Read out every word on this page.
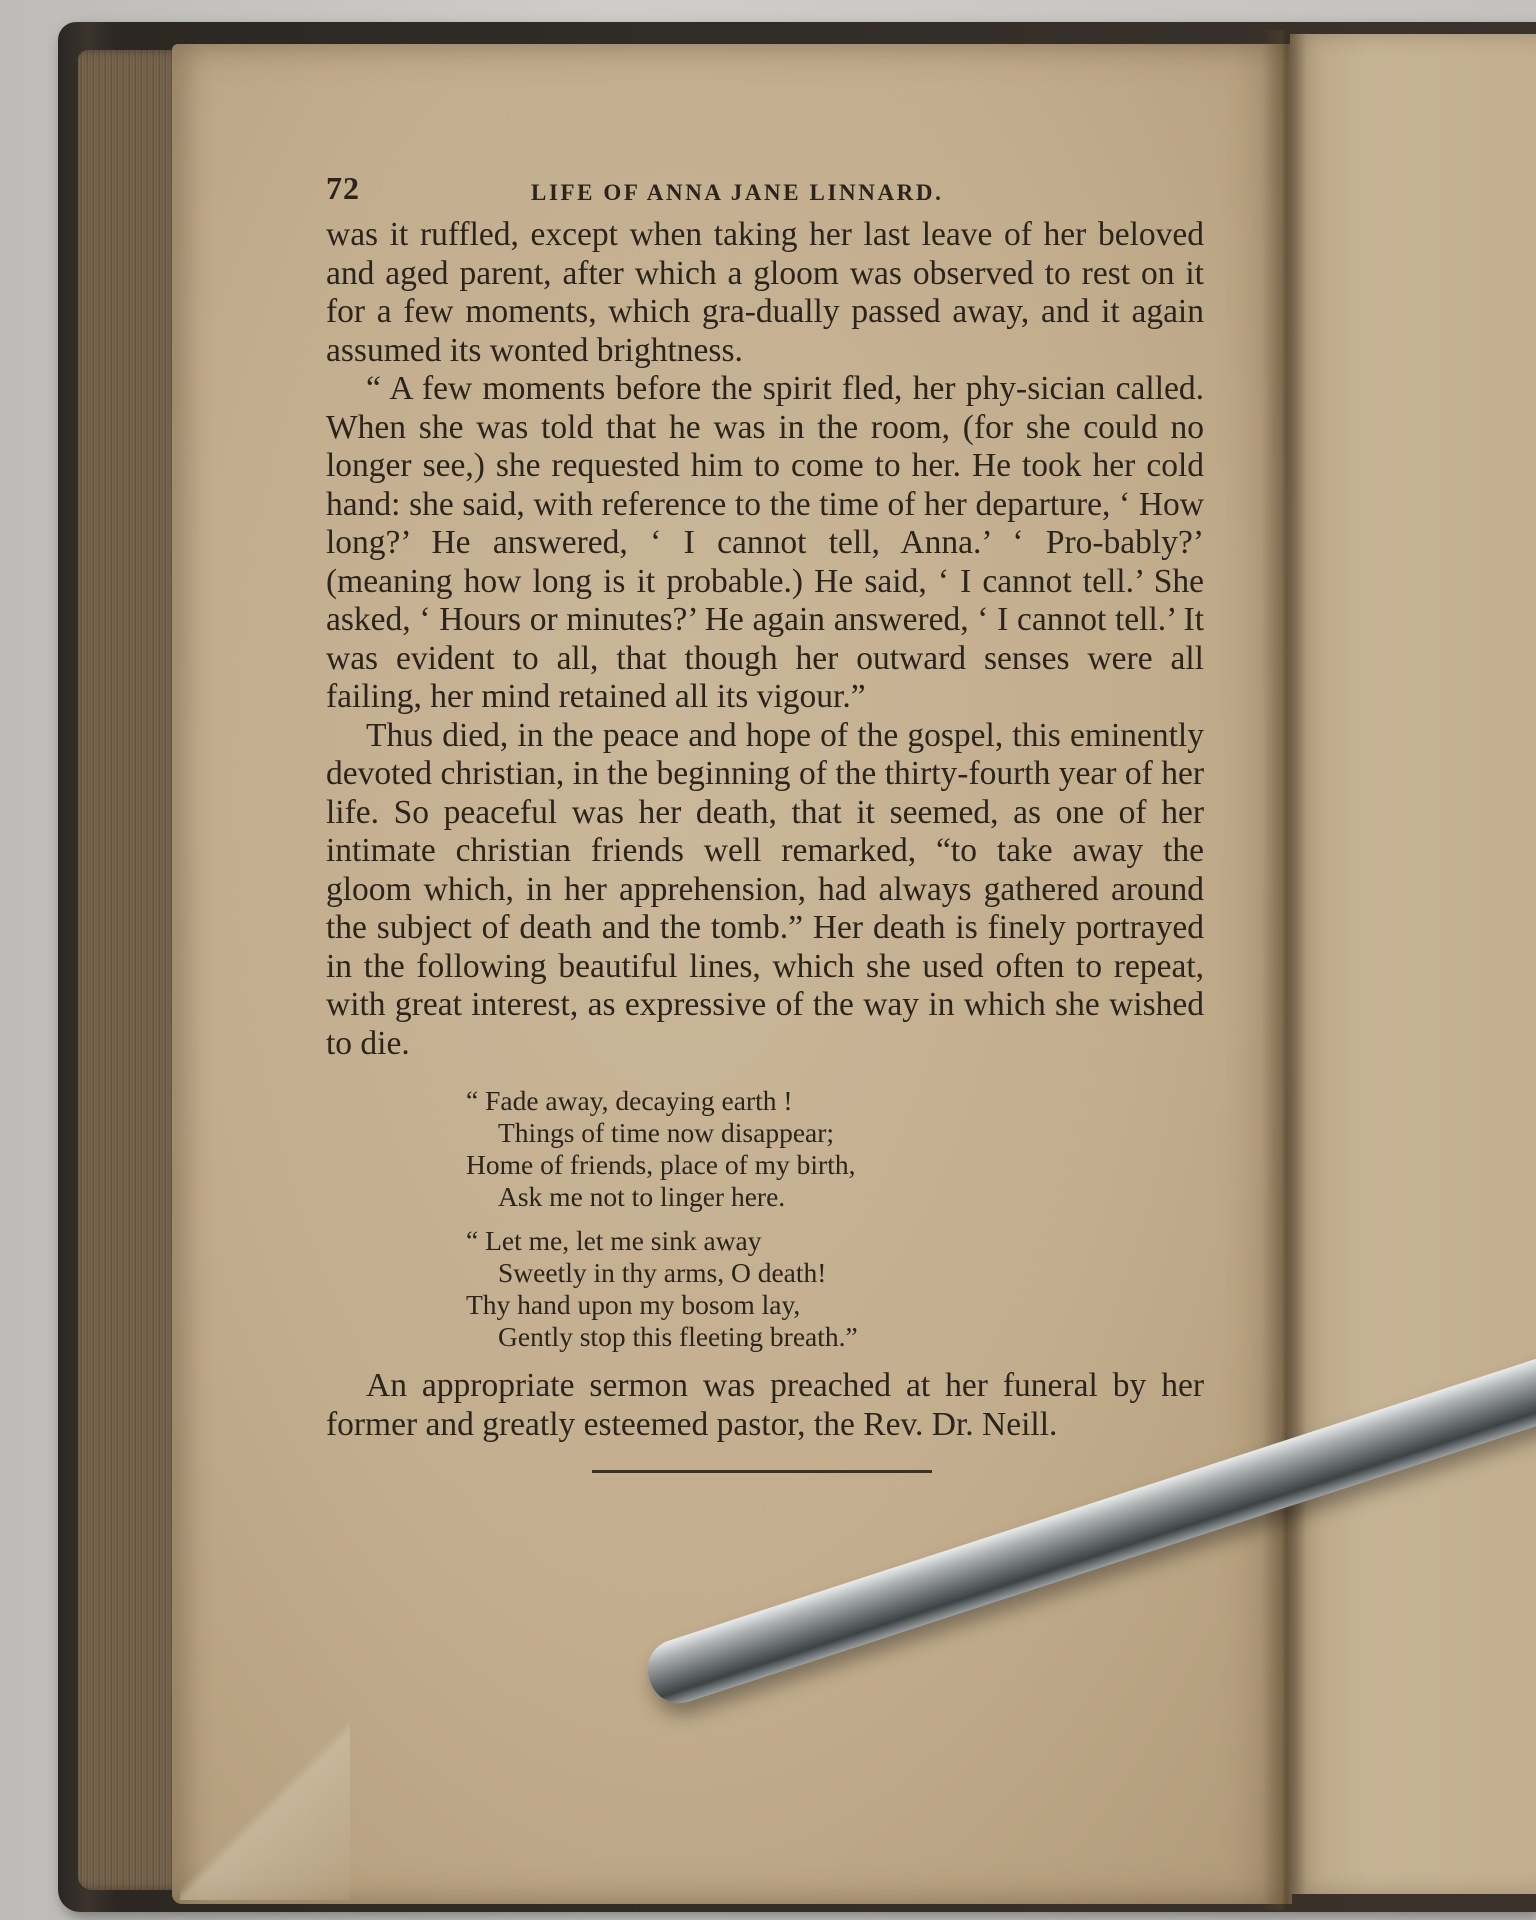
72	LIFE OF ANNA JANE LINNARD.

was it ruffled, except when taking her last leave of her beloved and aged parent, after which a gloom was observed to rest on it for a few moments, which gra-dually passed away, and it again assumed its wonted brightness.

“ A few moments before the spirit fled, her phy-sician called. When she was told that he was in the room, (for she could no longer see,) she requested him to come to her. He took her cold hand: she said, with reference to the time of her departure, ‘ How long?’ He answered, ‘ I cannot tell, Anna.’ ‘ Pro-bably?’ (meaning how long is it probable.) He said, ‘ I cannot tell.’ She asked, ‘ Hours or minutes?’ He again answered, ‘ I cannot tell.’ It was evident to all, that though her outward senses were all failing, her mind retained all its vigour.”

Thus died, in the peace and hope of the gospel, this eminently devoted christian, in the beginning of the thirty-fourth year of her life. So peaceful was her death, that it seemed, as one of her intimate christian friends well remarked, “to take away the gloom which, in her apprehension, had always gathered around the subject of death and the tomb.” Her death is finely portrayed in the following beautiful lines, which she used often to repeat, with great interest, as expressive of the way in which she wished to die.

“ Fade away, decaying earth !
Things of time now disappear;
Home of friends, place of my birth,
Ask me not to linger here.
“ Let me, let me sink away
Sweetly in thy arms, O death!
Thy hand upon my bosom lay,
Gently stop this fleeting breath.”

An appropriate sermon was preached at her funeral by her former and greatly esteemed pastor, the Rev. Dr. Neill.
